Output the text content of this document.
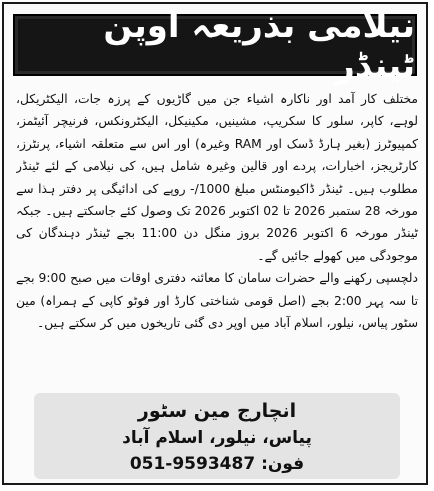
نیلامی بذریعہ اوپن ٹینڈر

مختلف کار آمد اور ناکارہ اشیاء جن میں گاڑیوں کے پرزہ جات، الیکٹریکل، لوہے، کاپر، سلور کا سکریپ، مشینیں، مکینیکل، الیکٹرونکس، فرنیچر آئیٹمز، کمپیوٹرز (بغیر ہارڈ ڈسک اور RAM وغیرہ) اور اس سے متعلقہ اشیاء، پرنٹرز، کارٹریجز، اخبارات، پردے اور قالین وغیرہ شامل ہیں، کی نیلامی کے لئے ٹینڈر مطلوب ہیں۔ ٹینڈر ڈاکیومنٹس مبلغ 1000/- روپے کی ادائیگی پر دفتر ہذا سے مورخہ 28 ستمبر 2026 تا 02 اکتوبر 2026 تک وصول کئے جاسکتے ہیں۔ جبکہ ٹینڈر مورخہ 6 اکتوبر 2026 بروز منگل دن 11:00 بجے ٹینڈر دہندگان کی موجودگی میں کھولے جائیں گے۔

دلچسپی رکھنے والے حضرات سامان کا معائنہ دفتری اوقات میں صبح 9:00 بجے تا سہ پہر 2:00 بجے (اصل قومی شناختی کارڈ اور فوٹو کاپی کے ہمراہ) مین سٹور پیاس، نیلور، اسلام آباد میں اوپر دی گئی تاریخوں میں کر سکتے ہیں۔

انچارج مین سٹور

پیاس، نیلور، اسلام آباد

فون: 051-9593487
